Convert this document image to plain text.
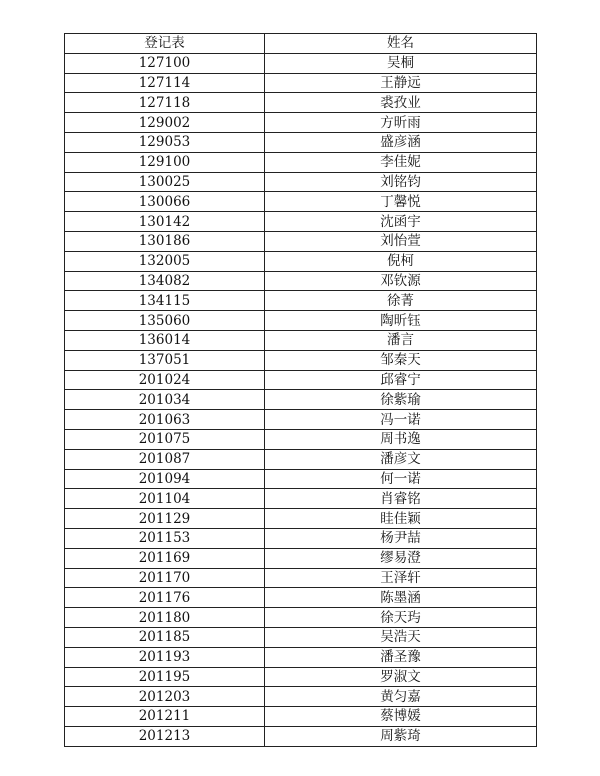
登记表	姓名
127100	吴桐
127114	王静远
127118	裘孜业
129002	方昕雨
129053	盛彦涵
129100	李佳妮
130025	刘铭钧
130066	丁馨悦
130142	沈函宇
130186	刘怡萱
132005	倪柯
134082	邓钦源
134115	徐菁
135060	陶昕钰
136014	潘言
137051	邹秦天
201024	邱睿宁
201034	徐紫瑜
201063	冯一诺
201075	周书逸
201087	潘彦文
201094	何一诺
201104	肖睿铭
201129	眭佳颖
201153	杨尹喆
201169	缪易澄
201170	王泽轩
201176	陈墨涵
201180	徐天玙
201185	吴浩天
201193	潘圣豫
201195	罗淑文
201203	黄匀嘉
201211	蔡博媛
201213	周紫琦
